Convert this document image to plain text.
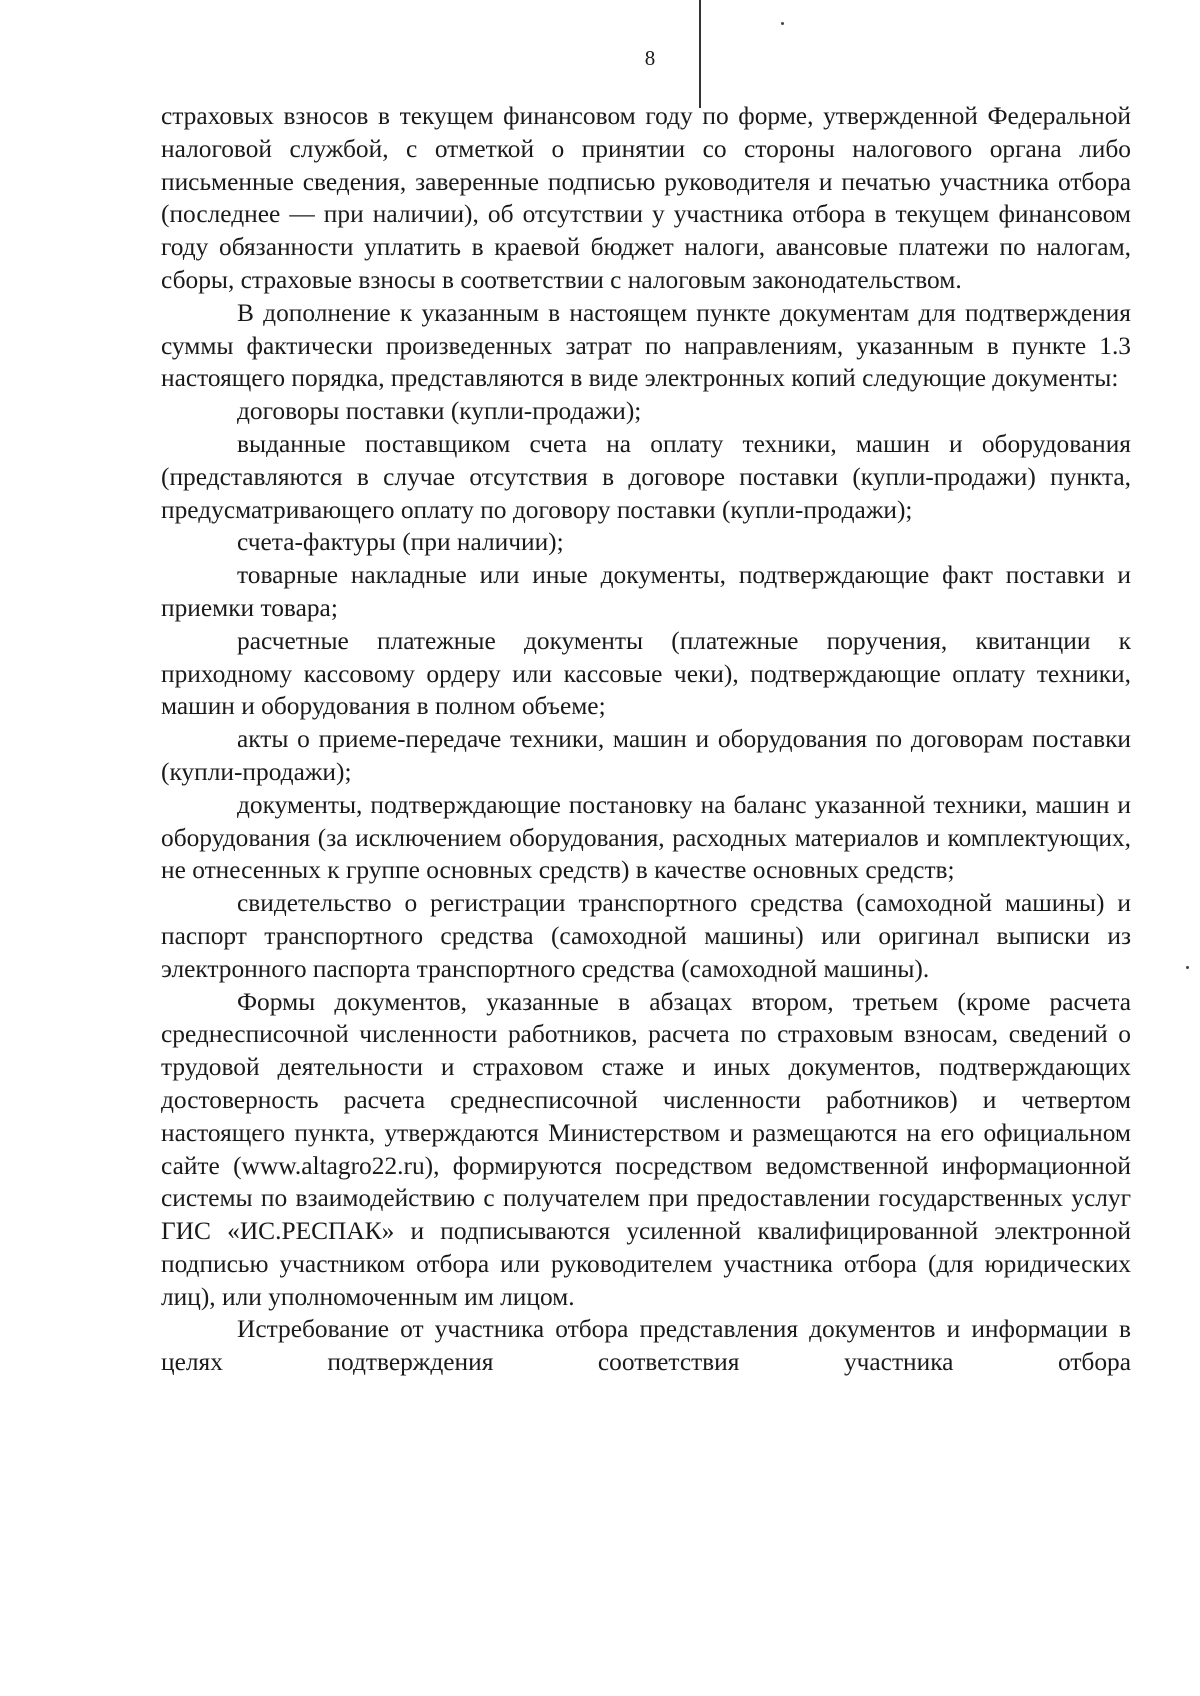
8

страховых взносов в текущем финансовом году по форме, утвержденной Федеральной налоговой службой, с отметкой о принятии со стороны налогового органа либо письменные сведения, заверенные подписью руководителя и печатью участника отбора (последнее — при наличии), об отсутствии у участника отбора в текущем финансовом году обязанности уплатить в краевой бюджет налоги, авансовые платежи по налогам, сборы, страховые взносы в соответствии с налоговым законодательством.

В дополнение к указанным в настоящем пункте документам для подтверждения суммы фактически произведенных затрат по направлениям, указанным в пункте 1.3 настоящего порядка, представляются в виде электронных копий следующие документы:

договоры поставки (купли-продажи);

выданные поставщиком счета на оплату техники, машин и оборудования (представляются в случае отсутствия в договоре поставки (купли-продажи) пункта, предусматривающего оплату по договору поставки (купли-продажи);

счета-фактуры (при наличии);

товарные накладные или иные документы, подтверждающие факт поставки и приемки товара;

расчетные платежные документы (платежные поручения, квитанции к приходному кассовому ордеру или кассовые чеки), подтверждающие оплату техники, машин и оборудования в полном объеме;

акты о приеме-передаче техники, машин и оборудования по договорам поставки (купли-продажи);

документы, подтверждающие постановку на баланс указанной техники, машин и оборудования (за исключением оборудования, расходных материалов и комплектующих, не отнесенных к группе основных средств) в качестве основных средств;

свидетельство о регистрации транспортного средства (самоходной машины) и паспорт транспортного средства (самоходной машины) или оригинал выписки из электронного паспорта транспортного средства (самоходной машины).

Формы документов, указанные в абзацах втором, третьем (кроме расчета среднесписочной численности работников, расчета по страховым взносам, сведений о трудовой деятельности и страховом стаже и иных документов, подтверждающих достоверность расчета среднесписочной численности работников) и четвертом настоящего пункта, утверждаются Министерством и размещаются на его официальном сайте (www.altagro22.ru), формируются посредством ведомственной информационной системы по взаимодействию с получателем при предоставлении государственных услуг ГИС «ИС.РЕСПАК» и подписываются усиленной квалифицированной электронной подписью участником отбора или руководителем участника отбора (для юридических лиц), или уполномоченным им лицом.

Истребование от участника отбора представления документов и информации в целях подтверждения соответствия участника отбора
